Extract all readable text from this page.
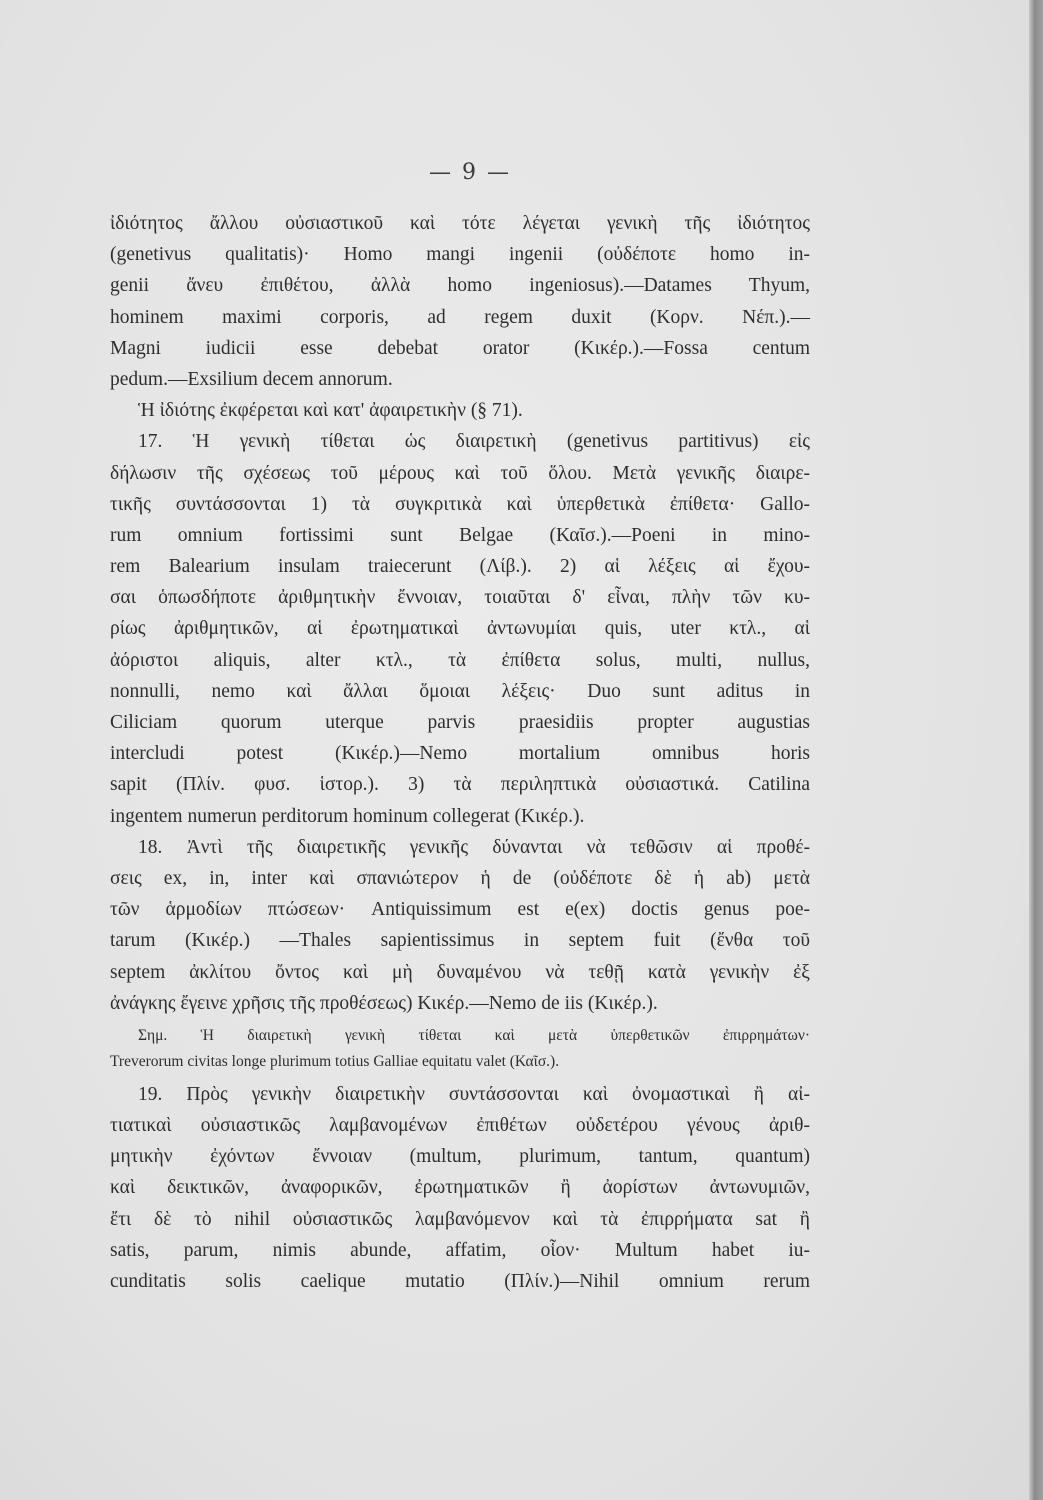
— 9 —
ἰδιότητος ἄλλου οὐσιαστικοῦ καὶ τότε λέγεται γενικὴ τῆς ἰδιότητος
(genetivus qualitatis)· Homo mangi ingenii (οὐδέποτε homo in-
genii ἄνευ ἐπιθέτου, ἀλλὰ homo ingeniosus).—Datames Thyum,
hominem maximi corporis, ad regem duxit (Κορν. Νέπ.).—
Magni iudicii esse debebat orator (Κικέρ.).—Fossa centum
pedum.—Exsilium decem annorum.
Ἡ ἰδιότης ἐκφέρεται καὶ κατ' ἀφαιρετικὴν (§ 71).
17. Ἡ γενικὴ τίθεται ὡς διαιρετικὴ (genetivus partitivus) εἰς
δήλωσιν τῆς σχέσεως τοῦ μέρους καὶ τοῦ ὅλου. Μετὰ γενικῆς διαιρε-
τικῆς συντάσσονται 1) τὰ συγκριτικὰ καὶ ὑπερθετικὰ ἐπίθετα· Gallo-
rum omnium fortissimi sunt Belgae (Καῖσ.).—Poeni in mino-
rem Balearium insulam traiecerunt (Λίβ.). 2) αἱ λέξεις αἱ ἔχου-
σαι ὁπωσδήποτε ἀριθμητικὴν ἔννοιαν, τοιαῦται δ' εἶναι, πλὴν τῶν κυ-
ρίως ἀριθμητικῶν, αἱ ἐρωτηματικαὶ ἀντωνυμίαι quis, uter κτλ., αἱ
ἀόριστοι aliquis, alter κτλ., τὰ ἐπίθετα solus, multi, nullus,
nonnulli, nemo καὶ ἄλλαι ὅμοιαι λέξεις· Duo sunt aditus in
Ciliciam quorum uterque parvis praesidiis propter augustias
intercludi potest (Κικέρ.)—Nemo mortalium omnibus horis
sapit (Πλίν. φυσ. ἱστορ.). 3) τὰ περιληπτικὰ οὐσιαστικά. Catilina
ingentem numerun perditorum hominum collegerat (Κικέρ.).
18. Ἀντὶ τῆς διαιρετικῆς γενικῆς δύνανται νὰ τεθῶσιν αἱ προθέ-
σεις ex, in, inter καὶ σπανιώτερον ἡ de (οὐδέποτε δὲ ἡ ab) μετὰ
τῶν ἁρμοδίων πτώσεων· Antiquissimum est e(ex) doctis genus poe-
tarum (Κικέρ.) —Thales sapientissimus in septem fuit (ἔνθα τοῦ
septem ἀκλίτου ὄντος καὶ μὴ δυναμένου νὰ τεθῇ κατὰ γενικὴν ἐξ
ἀνάγκης ἔγεινε χρῆσις τῆς προθέσεως) Κικέρ.—Nemo de iis (Κικέρ.).
Σημ. Ἡ διαιρετικὴ γενικὴ τίθεται καὶ μετὰ ὑπερθετικῶν ἐπιρρημάτων·
Treverorum civitas longe plurimum totius Galliae equitatu valet (Καῖσ.).
19. Πρὸς γενικὴν διαιρετικὴν συντάσσονται καὶ ὀνομαστικαὶ ἢ αἰ-
τιατικαὶ οὐσιαστικῶς λαμβανομένων ἐπιθέτων οὐδετέρου γένους ἀριθ-
μητικὴν ἐχόντων ἔννοιαν (multum, plurimum, tantum, quantum)
καὶ δεικτικῶν, ἀναφορικῶν, ἐρωτηματικῶν ἢ ἀορίστων ἀντωνυμιῶν,
ἔτι δὲ τὸ nihil οὐσιαστικῶς λαμβανόμενον καὶ τὰ ἐπιρρήματα sat ἢ
satis, parum, nimis abunde, affatim, οἷον· Multum habet iu-
cunditatis solis caelique mutatio (Πλίν.)—Nihil omnium rerum
